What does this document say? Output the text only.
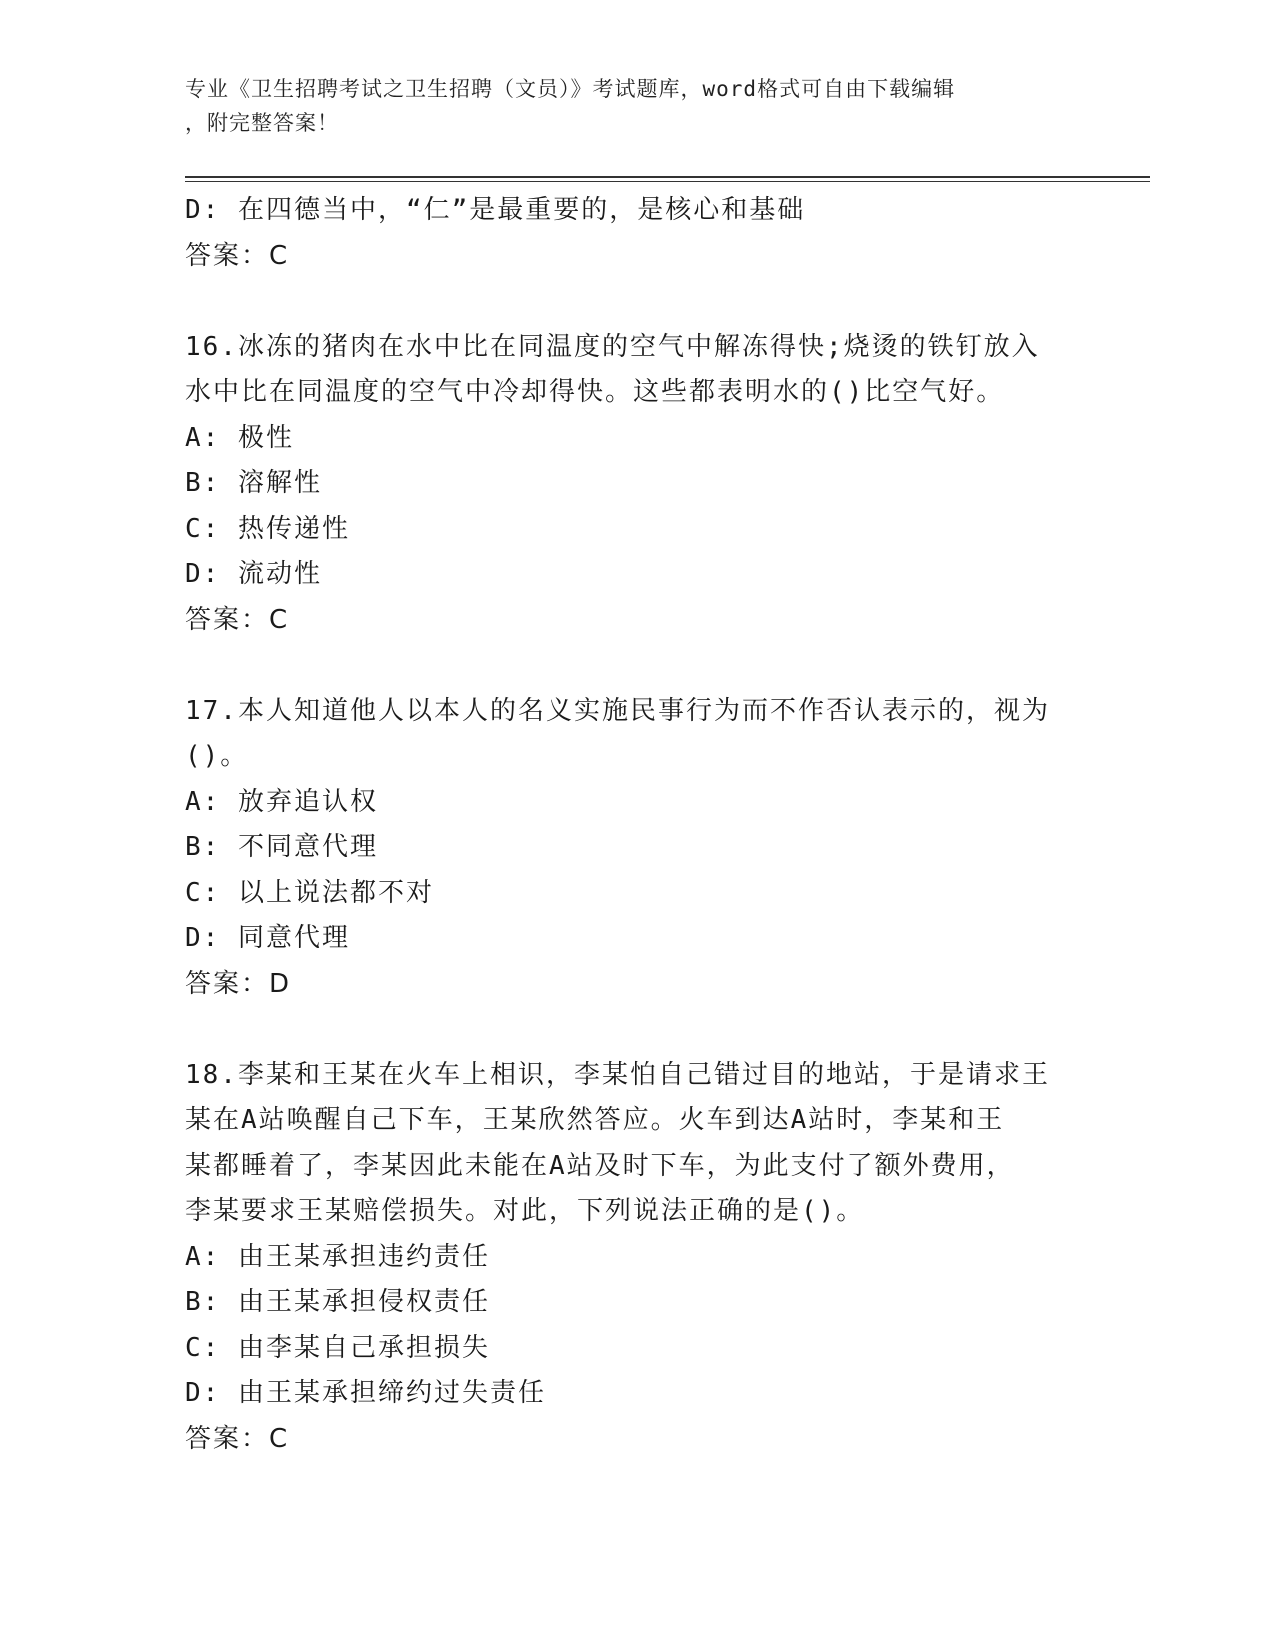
专业《卫生招聘考试之卫生招聘（文员）》考试题库，word格式可自由下载编辑
，附完整答案！
D: 在四德当中，“仁”是最重要的，是核心和基础
答案：C
16.冰冻的猪肉在水中比在同温度的空气中解冻得快;烧烫的铁钉放入
水中比在同温度的空气中冷却得快。这些都表明水的()比空气好。
A: 极性
B: 溶解性
C: 热传递性
D: 流动性
答案：C
17.本人知道他人以本人的名义实施民事行为而不作否认表示的，视为
()。
A: 放弃追认权
B: 不同意代理
C: 以上说法都不对
D: 同意代理
答案：D
18.李某和王某在火车上相识，李某怕自己错过目的地站，于是请求王
某在A站唤醒自己下车，王某欣然答应。火车到达A站时，李某和王
某都睡着了，李某因此未能在A站及时下车，为此支付了额外费用，
李某要求王某赔偿损失。对此，下列说法正确的是()。
A: 由王某承担违约责任
B: 由王某承担侵权责任
C: 由李某自己承担损失
D: 由王某承担缔约过失责任
答案：C
